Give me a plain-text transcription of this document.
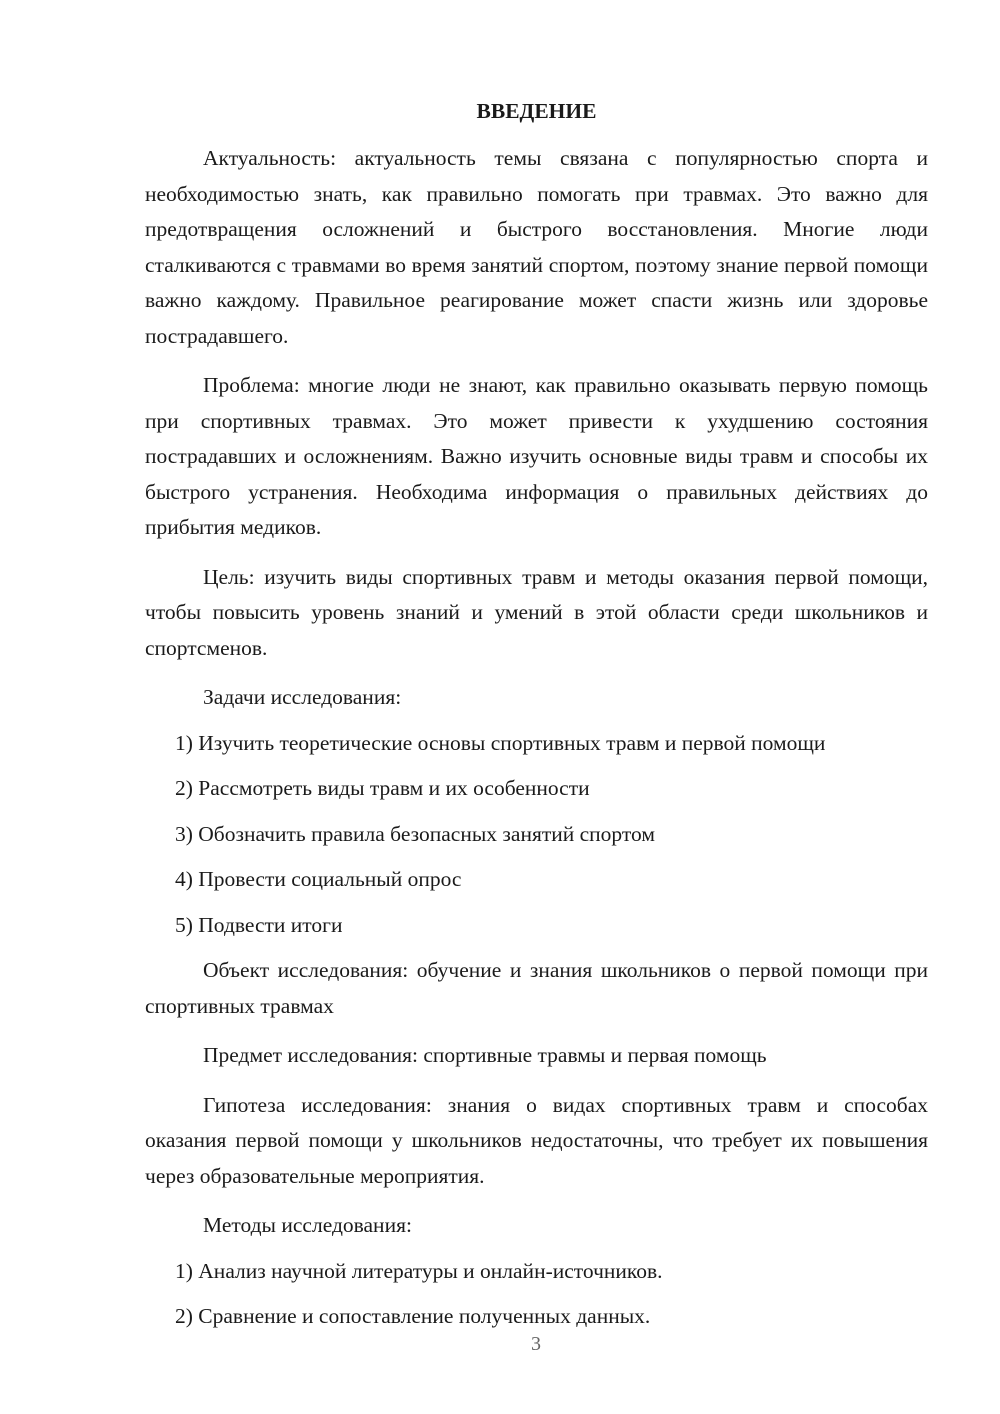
ВВЕДЕНИЕ

Актуальность: актуальность темы связана с популярностью спорта и необходимостью знать, как правильно помогать при травмах. Это важно для предотвращения осложнений и быстрого восстановления. Многие люди сталкиваются с травмами во время занятий спортом, поэтому знание первой помощи важно каждому. Правильное реагирование может спасти жизнь или здоровье пострадавшего.

Проблема: многие люди не знают, как правильно оказывать первую помощь при спортивных травмах. Это может привести к ухудшению состояния пострадавших и осложнениям. Важно изучить основные виды травм и способы их быстрого устранения. Необходима информация о правильных действиях до прибытия медиков.

Цель: изучить виды спортивных травм и методы оказания первой помощи, чтобы повысить уровень знаний и умений в этой области среди школьников и спортсменов.

Задачи исследования:

1) Изучить теоретические основы спортивных травм и первой помощи
2) Рассмотреть виды травм и их особенности
3) Обозначить правила безопасных занятий спортом
4) Провести социальный опрос
5) Подвести итоги

Объект исследования: обучение и знания школьников о первой помощи при спортивных травмах

Предмет исследования: спортивные травмы и первая помощь

Гипотеза исследования: знания о видах спортивных травм и способах оказания первой помощи у школьников недостаточны, что требует их повышения через образовательные мероприятия.

Методы исследования:

1) Анализ научной литературы и онлайн-источников.
2) Сравнение и сопоставление полученных данных.
3
